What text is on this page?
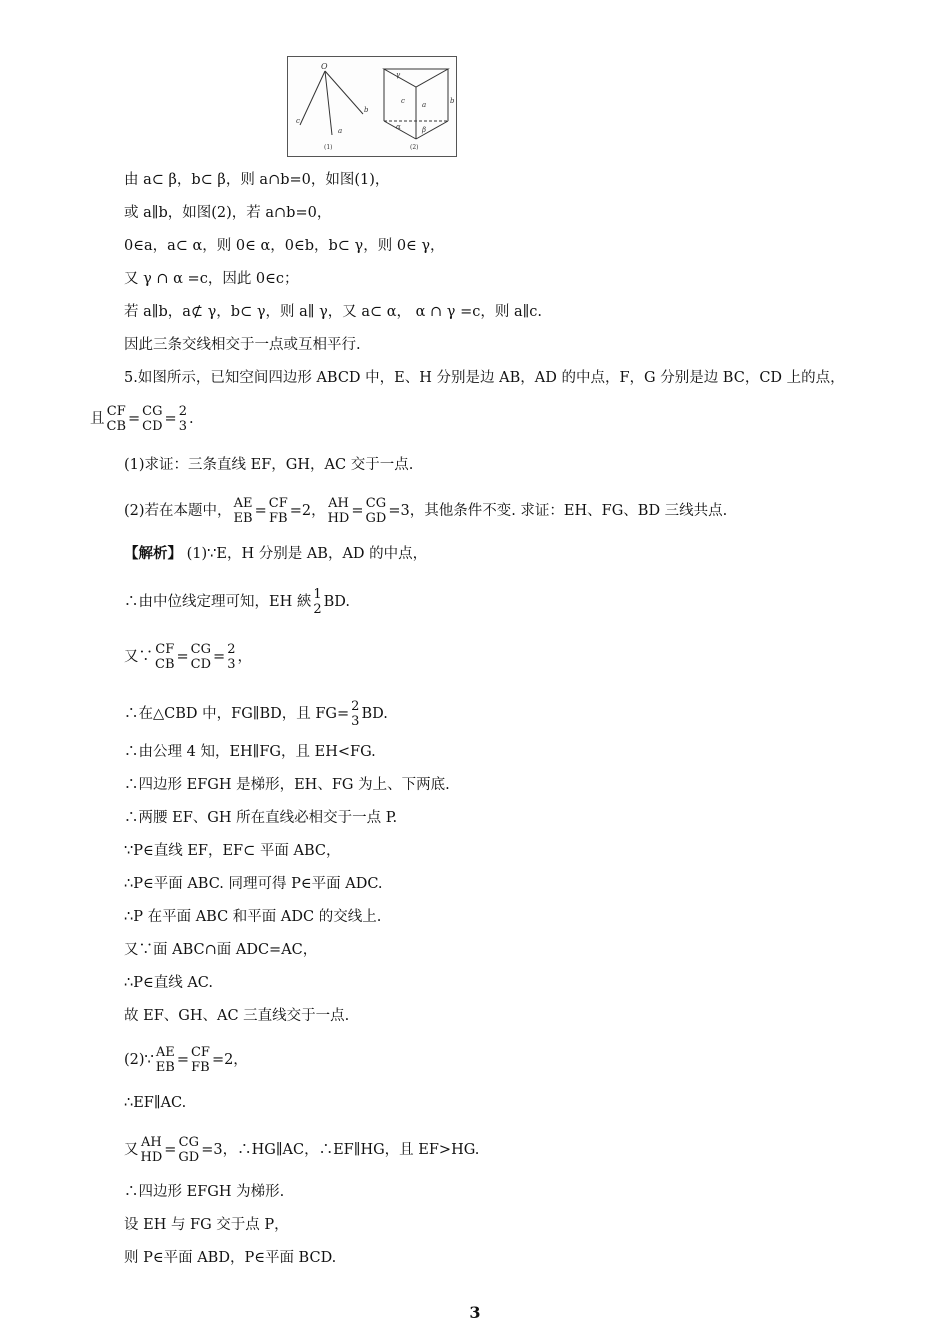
O
c
a
b
(1)
γ
c a	b
α	β
(2)
由 a⊂ β，b⊂ β，则 a∩b=0，如图(1)，
或 a∥b，如图(2)，若 a∩b=0，
0∈a，a⊂ α，则 0∈ α，0∈b，b⊂ γ，则 0∈ γ，
又 γ ∩ α =c，因此 0∈c；
若 a∥b，a⊄ γ，b⊂ γ，则 a∥ γ，又 a⊂ α， α ∩ γ =c，则 a∥c.
因此三条交线相交于一点或互相平行.
5.如图所示，已知空间四边形 ABCD 中，E、H 分别是边 AB，AD 的中点，F，G 分别是边 BC，CD 上的点，
且 CF
CB = CG
CD = 2
3 .
(1)求证：三条直线 EF，GH，AC 交于一点.
(2)若在本题中， AE
EB = CF
FB =2， AH
HD = CG
GD =3，其他条件不变. 求证：EH、FG、BD 三线共点.
【解析】 (1)∵E，H 分别是 AB，AD 的中点，
∴由中位线定理可知，EH 綊 1
2 BD.
又∵ CF
CB = CG
CD = 2
3 ，
∴在△CBD 中，FG∥BD，且 FG= 2
3 BD.
∴由公理 4 知，EH∥FG，且 EH<FG.
∴四边形 EFGH 是梯形，EH、FG 为上、下两底.
∴两腰 EF、GH 所在直线必相交于一点 P.
∵P∈直线 EF，EF⊂ 平面 ABC，
∴P∈平面 ABC. 同理可得 P∈平面 ADC.
∴P 在平面 ABC 和平面 ADC 的交线上.
又∵面 ABC∩面 ADC=AC，
∴P∈直线 AC.
故 EF、GH、AC 三直线交于一点.
(2)∵ AE
EB = CF
FB =2，
∴EF∥AC.
又 AH
HD = CG
GD =3，∴HG∥AC，∴EF∥HG，且 EF>HG.
∴四边形 EFGH 为梯形.
设 EH 与 FG 交于点 P，
则 P∈平面 ABD，P∈平面 BCD.
3
